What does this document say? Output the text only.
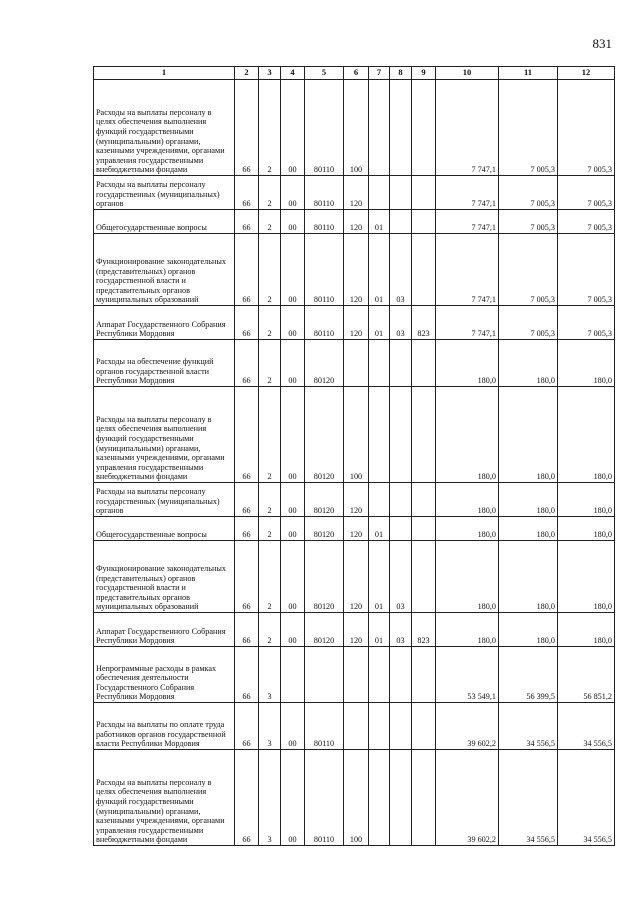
831
1	2	3	4	5	6	7	8	9	10	11	12
Расходы на выплаты персоналу в целях обеспечения выполнения функций государственными (муниципальными) органами, казенными учреждениями, органами управления государственными внебюджетными фондами	66	2	00	80110	100				7 747,1	7 005,3	7 005,3
Расходы на выплаты персоналу государственных (муниципальных) органов	66	2	00	80110	120				7 747,1	7 005,3	7 005,3
Общегосударственные вопросы	66	2	00	80110	120	01			7 747,1	7 005,3	7 005,3
Функционирование законодательных (представительных) органов государственной власти и представительных органов муниципальных образований	66	2	00	80110	120	01	03		7 747,1	7 005,3	7 005,3
Аппарат Государственного Собрания Республики Мордовия	66	2	00	80110	120	01	03	823	7 747,1	7 005,3	7 005,3
Расходы на обеспечение функций органов государственной власти Республики Мордовия	66	2	00	80120					180,0	180,0	180,0
Расходы на выплаты персоналу в целях обеспечения выполнения функций государственными (муниципальными) органами, казенными учреждениями, органами управления государственными внебюджетными фондами	66	2	00	80120	100				180,0	180,0	180,0
Расходы на выплаты персоналу государственных (муниципальных) органов	66	2	00	80120	120				180,0	180,0	180,0
Общегосударственные вопросы	66	2	00	80120	120	01			180,0	180,0	180,0
Функционирование законодательных (представительных) органов государственной власти и представительных органов муниципальных образований	66	2	00	80120	120	01	03		180,0	180,0	180,0
Аппарат Государственного Собрания Республики Мордовия	66	2	00	80120	120	01	03	823	180,0	180,0	180,0
Непрограммные расходы в рамках обеспечения деятельности Государственного Собрания Республики Мордовия	66	3							53 549,1	56 399,5	56 851,2
Расходы на выплаты по оплате труда работников органов государственной власти Республики Мордовия	66	3	00	80110					39 602,2	34 556,5	34 556,5
Расходы на выплаты персоналу в целях обеспечения выполнения функций государственными (муниципальными) органами, казенными учреждениями, органами управления государственными внебюджетными фондами	66	3	00	80110	100				39 602,2	34 556,5	34 556,5
